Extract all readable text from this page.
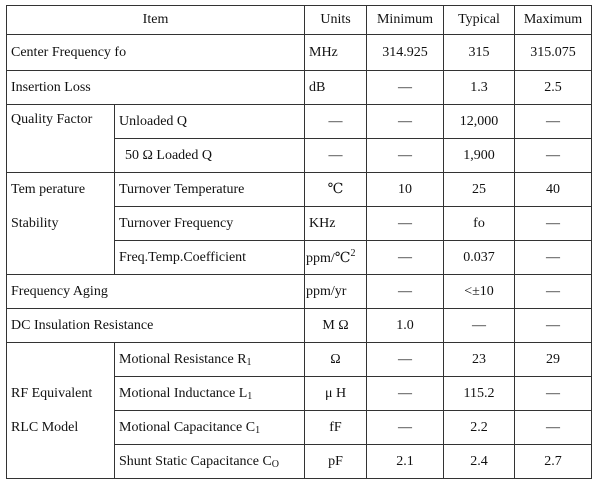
Item		Units	Minimum	Typical	Maximum
Center Frequency fo		MHz	314.925	315	315.075
Insertion Loss		dB	—	1.3	2.5
Quality Factor	Unloaded Q	—	—	12,000	—
	50 Ω Loaded Q	—	—	1,900	—

Tem perature
Stability	Turnover Temperature	℃	10	25	40
	Turnover Frequency	KHz	—	fo	—
	Freq.Temp.Coefficient	ppm/℃$^2$	—	0.037	—
Frequency Aging		ppm/yr	—	<±10	—
DC Insulation Resistance		M Ω	1.0	—	—

RF Equivalent
RLC Model	Motional Resistance $R_1$	Ω	—	23	29
	Motional Inductance $L_1$	μ H	—	115.2	—
	Motional Capacitance $C_1$	fF	—	2.2	—
	Shunt Static Capacitance $C_O$	pF	2.1	2.4	2.7
